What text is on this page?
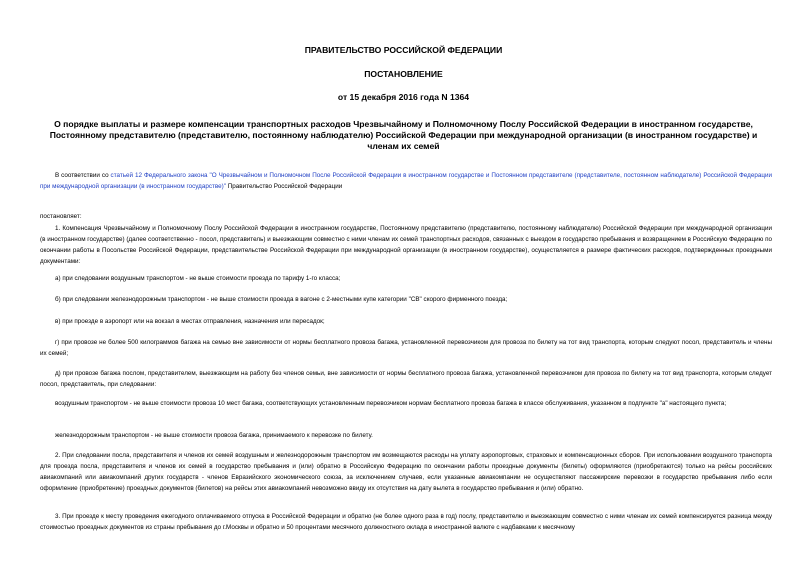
ПРАВИТЕЛЬСТВО РОССИЙСКОЙ ФЕДЕРАЦИИ
ПОСТАНОВЛЕНИЕ
от 15 декабря 2016 года N 1364
О порядке выплаты и размере компенсации транспортных расходов Чрезвычайному и Полномочному Послу Российской Федерации в иностранном государстве, Постоянному представителю (представителю, постоянному наблюдателю) Российской Федерации при международной организации (в иностранном государстве) и членам их семей

В соответствии со статьей 12 Федерального закона "О Чрезвычайном и Полномочном После Российской Федерации в иностранном государстве и Постоянном представителе (представителе, постоянном наблюдателе) Российской Федерации при международной организации (в иностранном государстве)" Правительство Российской Федерации

постановляет:

1. Компенсация Чрезвычайному и Полномочному Послу Российской Федерации в иностранном государстве, Постоянному представителю (представителю, постоянному наблюдателю) Российской Федерации при международной организации (в иностранном государстве) (далее соответственно - посол, представитель) и выезжающим совместно с ними членам их семей транспортных расходов, связанных с выездом в государство пребывания и возвращением в Российскую Федерацию по окончании работы в Посольстве Российской Федерации, представительстве Российской Федерации при международной организации (в иностранном государстве), осуществляется в размере фактических расходов, подтвержденных проездными документами:

а) при следовании воздушным транспортом - не выше стоимости проезда по тарифу 1-го класса;

б) при следовании железнодорожным транспортом - не выше стоимости проезда в вагоне с 2-местными купе категории "СВ" скорого фирменного поезда;

в) при проезде в аэропорт или на вокзал в местах отправления, назначения или пересадок;

г) при провозе не более 500 килограммов багажа на семью вне зависимости от нормы бесплатного провоза багажа, установленной перевозчиком для провоза по билету на тот вид транспорта, которым следуют посол, представитель и члены их семей;

д) при провозе багажа послом, представителем, выезжающим на работу без членов семьи, вне зависимости от нормы бесплатного провоза багажа, установленной перевозчиком для провоза по билету на тот вид транспорта, которым следует посол, представитель, при следовании:

воздушным транспортом - не выше стоимости провоза 10 мест багажа, соответствующих установленным перевозчиком нормам бесплатного провоза багажа в классе обслуживания, указанном в подпункте "а" настоящего пункта;

железнодорожным транспортом - не выше стоимости провоза багажа, принимаемого к перевозке по билету.

2. При следовании посла, представителя и членов их семей воздушным и железнодорожным транспортом им возмещаются расходы на уплату аэропортовых, страховых и компенсационных сборов. При использовании воздушного транспорта для проезда посла, представителя и членов их семей в государство пребывания и (или) обратно в Российскую Федерацию по окончании работы проездные документы (билеты) оформляются (приобретаются) только на рейсы российских авиакомпаний или авиакомпаний других государств - членов Евразийского экономического союза, за исключением случаев, если указанные авиакомпании не осуществляют пассажирские перевозки в государство пребывания либо если оформление (приобретение) проездных документов (билетов) на рейсы этих авиакомпаний невозможно ввиду их отсутствия на дату вылета в государство пребывания и (или) обратно.

3. При проезде к месту проведения ежегодного оплачиваемого отпуска в Российской Федерации и обратно (не более одного раза в год) послу, представителю и выезжающим совместно с ними членам их семей компенсируется разница между стоимостью проездных документов из страны пребывания до г.Москвы и обратно и 50 процентами месячного должностного оклада в иностранной валюте с надбавками к месячному
